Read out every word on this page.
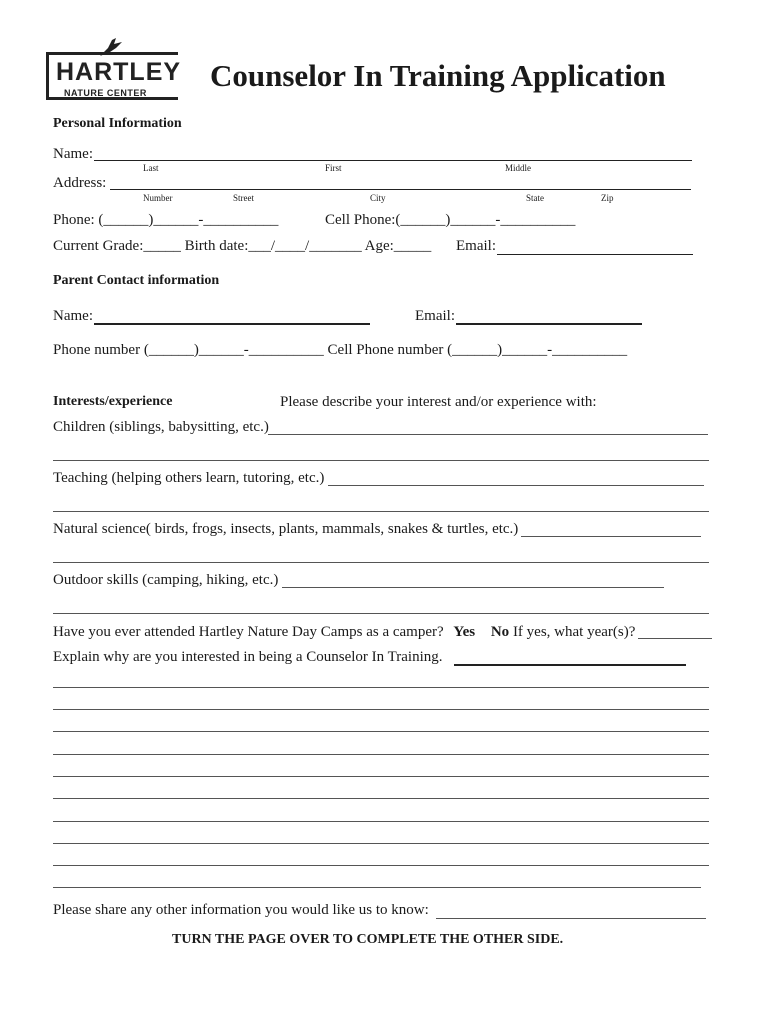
HARTLEY
NATURE CENTER Counselor In Training Application
Personal Information
Name:
Last	First	Middle
Address:
Number	Street	City	State	Zip
Phone: (______)______-__________	Cell Phone:(______)______-__________
Current Grade:_____ Birth date:___/____/_______ Age:_____ Email:
Parent Contact information
Name:	Email:
Phone number (______)______-__________ Cell Phone number (______)______-__________
Interests/experience	Please describe your interest and/or experience with:
Children (siblings, babysitting, etc.)
Teaching (helping others learn, tutoring, etc.)
Natural science( birds, frogs, insects, plants, mammals, snakes & turtles, etc.)
Outdoor skills (camping, hiking, etc.)
Have you ever attended Hartley Nature Day Camps as a camper? Yes No If yes, what year(s)?
Explain why are you interested in being a Counselor In Training.
Please share any other information you would like us to know:
TURN THE PAGE OVER TO COMPLETE THE OTHER SIDE.
